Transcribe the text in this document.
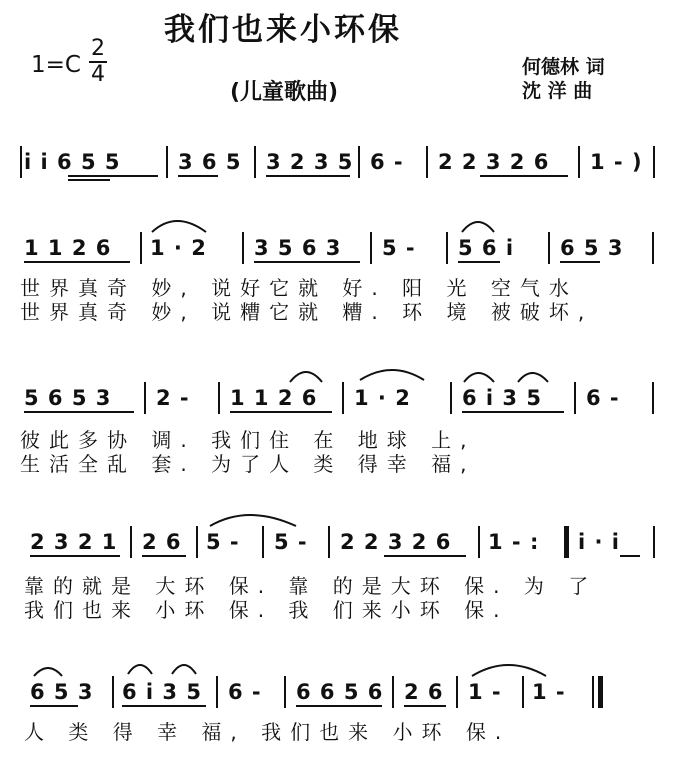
我们也来小环保
1=C
2
4
(儿童歌曲)
何德林 词
沈 洋 曲
i i 6 5 5	3 6 5 3 2 3 5 6 - 2 2 3 2 6 1 - )
1 1 2 6 1 · 2 3 5 6 3 5 - 5 6 i 6 5 3
世界真奇 妙, 说好它就 好. 阳 光 空气水
世界真奇 妙, 说糟它就 糟. 环 境 被破坏,
5 6 5 3 2 - 1 1 2 6 1 · 2 6 i 3 5 6 -
彼此多协 调. 我们住 在 地球 上,
生活全乱 套. 为了人 类 得幸 福,
2 3 2 1 2 6 5 - 5 - 2 2 3 2 6 1 - : i · i
靠的就是 大环 保. 靠 的是大环 保. 为 了
我们也来 小环 保. 我 们来小环 保.
6 5 3 6 i 3 5 6 - 6 6 5 6 2 6 1 - 1 -
人 类 得 幸 福, 我们也来 小环 保.
